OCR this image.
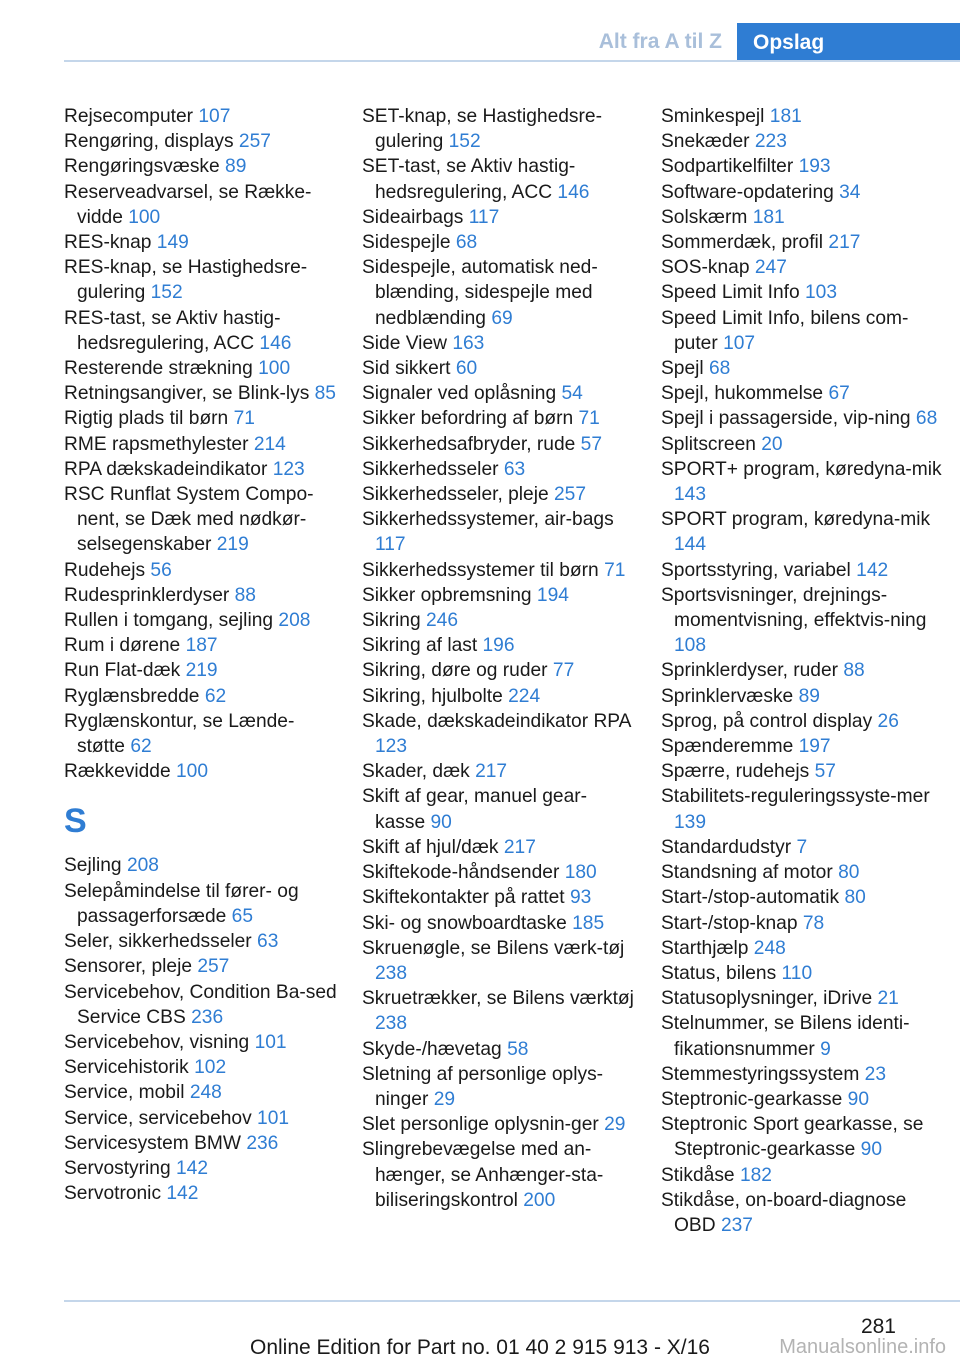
Alt fra A til Z	Opslag
Rejsecomputer 107
Rengøring, displays 257
Rengøringsvæske 89
Reserveadvarsel, se Række-vidde 100
RES-knap 149
RES-knap, se Hastighedsre-gulering 152
RES-tast, se Aktiv hastig-hedsregulering, ACC 146
Resterende strækning 100
Retningsangiver, se Blink-lys 85
Rigtig plads til børn 71
RME rapsmethylester 214
RPA dækskadeindikator 123
RSC Runflat System Compo-nent, se Dæk med nødkør-selsegenskaber 219
Rudehejs 56
Rudesprinklerdyser 88
Rullen i tomgang, sejling 208
Rum i dørene 187
Run Flat-dæk 219
Ryglænsbredde 62
Ryglænskontur, se Lænde-støtte 62
Rækkevidde 100
S
Sejling 208
Selepåmindelse til fører- og passagerforsæde 65
Seler, sikkerhedsseler 63
Sensorer, pleje 257
Servicebehov, Condition Ba-sed Service CBS 236
Servicebehov, visning 101
Servicehistorik 102
Service, mobil 248
Service, servicebehov 101
Servicesystem BMW 236
Servostyring 142
Servotronic 142
SET-knap, se Hastighedsre-gulering 152
SET-tast, se Aktiv hastig-hedsregulering, ACC 146
Sideairbags 117
Sidespejle 68
Sidespejle, automatisk ned-blænding, sidespejle med nedblænding 69
Side View 163
Sid sikkert 60
Signaler ved oplåsning 54
Sikker befordring af børn 71
Sikkerhedsafbryder, rude 57
Sikkerhedsseler 63
Sikkerhedsseler, pleje 257
Sikkerhedssystemer, air-bags 117
Sikkerhedssystemer til børn 71
Sikker opbremsning 194
Sikring 246
Sikring af last 196
Sikring, døre og ruder 77
Sikring, hjulbolte 224
Skade, dækskadeindikator RPA 123
Skader, dæk 217
Skift af gear, manuel gear-kasse 90
Skift af hjul/dæk 217
Skiftekode-håndsender 180
Skiftekontakter på rattet 93
Ski- og snowboardtaske 185
Skruenøgle, se Bilens værk-tøj 238
Skruetrækker, se Bilens værktøj 238
Skyde-/hævetag 58
Sletning af personlige oplys-ninger 29
Slet personlige oplysnin-ger 29
Slingrebevægelse med an-hænger, se Anhænger-sta-biliseringskontrol 200
Sminkespejl 181
Snekæder 223
Sodpartikelfilter 193
Software-opdatering 34
Solskærm 181
Sommerdæk, profil 217
SOS-knap 247
Speed Limit Info 103
Speed Limit Info, bilens com-puter 107
Spejl 68
Spejl, hukommelse 67
Spejl i passagerside, vip-ning 68
Splitscreen 20
SPORT+ program, køredyna-mik 143
SPORT program, køredyna-mik 144
Sportsstyring, variabel 142
Sportsvisninger, drejnings-momentvisning, effektvis-ning 108
Sprinklerdyser, ruder 88
Sprinklervæske 89
Sprog, på control display 26
Spænderemme 197
Spærre, rudehejs 57
Stabilitets-reguleringssyste-mer 139
Standardudstyr 7
Standsning af motor 80
Start-/stop-automatik 80
Start-/stop-knap 78
Starthjælp 248
Status, bilens 110
Statusoplysninger, iDrive 21
Stelnummer, se Bilens identi-fikationsnummer 9
Stemmestyringssystem 23
Steptronic-gearkasse 90
Steptronic Sport gearkasse, se Steptronic-gearkasse 90
Stikdåse 182
Stikdåse, on-board-diagnose OBD 237
281
Online Edition for Part no. 01 40 2 915 913 - X/16	Manualsonline.info
